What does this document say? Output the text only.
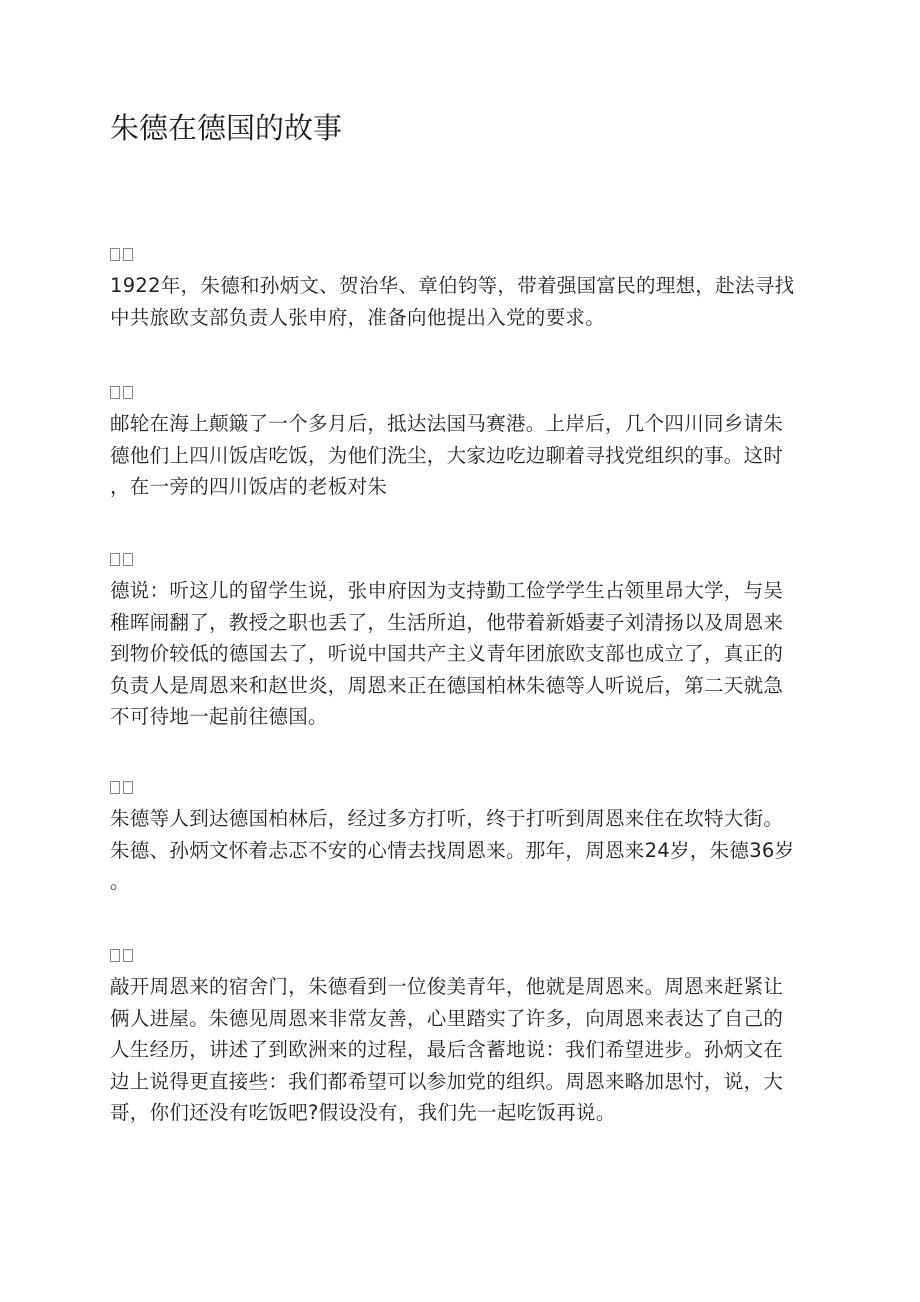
朱德在德国的故事
1922年，朱德和孙炳文、贺治华、章伯钧等，带着强国富民的理想，赴法寻找
中共旅欧支部负责人张申府，准备向他提出入党的要求。
邮轮在海上颠簸了一个多月后，抵达法国马赛港。上岸后，几个四川同乡请朱
德他们上四川饭店吃饭，为他们洗尘，大家边吃边聊着寻找党组织的事。这时
，在一旁的四川饭店的老板对朱
德说：听这儿的留学生说，张申府因为支持勤工俭学学生占领里昂大学，与吴
稚晖闹翻了，教授之职也丢了，生活所迫，他带着新婚妻子刘清扬以及周恩来
到物价较低的德国去了，听说中国共产主义青年团旅欧支部也成立了，真正的
负责人是周恩来和赵世炎，周恩来正在德国柏林朱德等人听说后，第二天就急
不可待地一起前往德国。
朱德等人到达德国柏林后，经过多方打听，终于打听到周恩来住在坎特大街。
朱德、孙炳文怀着忐忑不安的心情去找周恩来。那年，周恩来24岁，朱德36岁
。
敲开周恩来的宿舍门，朱德看到一位俊美青年，他就是周恩来。周恩来赶紧让
俩人进屋。朱德见周恩来非常友善，心里踏实了许多，向周恩来表达了自己的
人生经历，讲述了到欧洲来的过程，最后含蓄地说：我们希望进步。孙炳文在
边上说得更直接些：我们都希望可以参加党的组织。周恩来略加思忖，说，大
哥，你们还没有吃饭吧?假设没有，我们先一起吃饭再说。
